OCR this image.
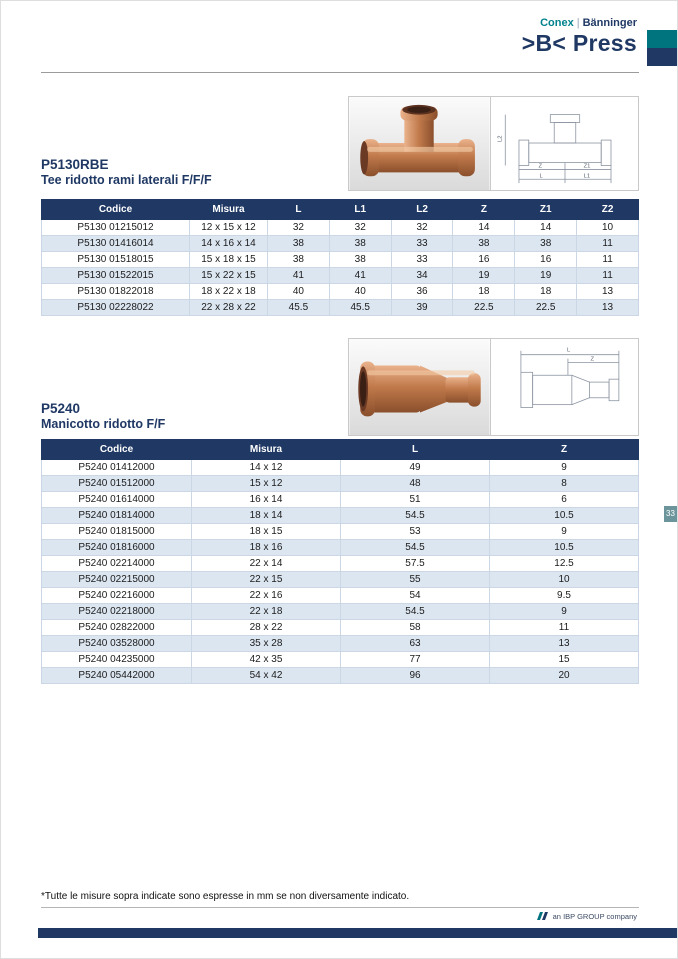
Conex | Bänninger
>B< Press
L2
Z	Z1
L	L1
P5130RBE
Tee ridotto rami laterali F/F/F
Codice	Misura	L	L1	L2	Z	Z1	Z2
P5130 01215012	12 x 15 x 12	32	32	32	14	14	10
P5130 01416014	14 x 16 x 14	38	38	33	38	38	11
P5130 01518015	15 x 18 x 15	38	38	33	16	16	11
P5130 01522015	15 x 22 x 15	41	41	34	19	19	11
P5130 01822018	18 x 22 x 18	40	40	36	18	18	13
P5130 02228022	22 x 28 x 22	45.5	45.5	39	22.5	22.5	13
L
Z
P5240
Manicotto ridotto F/F
Codice	Misura	L	Z
P5240 01412000	14 x 12	49	9
P5240 01512000	15 x 12	48	8
P5240 01614000	16 x 14	51	6
P5240 01814000	18 x 14	54.5	10.5
P5240 01815000	18 x 15	53	9
P5240 01816000	18 x 16	54.5	10.5
P5240 02214000	22 x 14	57.5	12.5
P5240 02215000	22 x 15	55	10
P5240 02216000	22 x 16	54	9.5
P5240 02218000	22 x 18	54.5	9
P5240 02822000	28 x 22	58	11
P5240 03528000	35 x 28	63	13
P5240 04235000	42 x 35	77	15
P5240 05442000	54 x 42	96	20
33
*Tutte le misure sopra indicate sono espresse in mm se non diversamente indicato.
an IBP GROUP company
